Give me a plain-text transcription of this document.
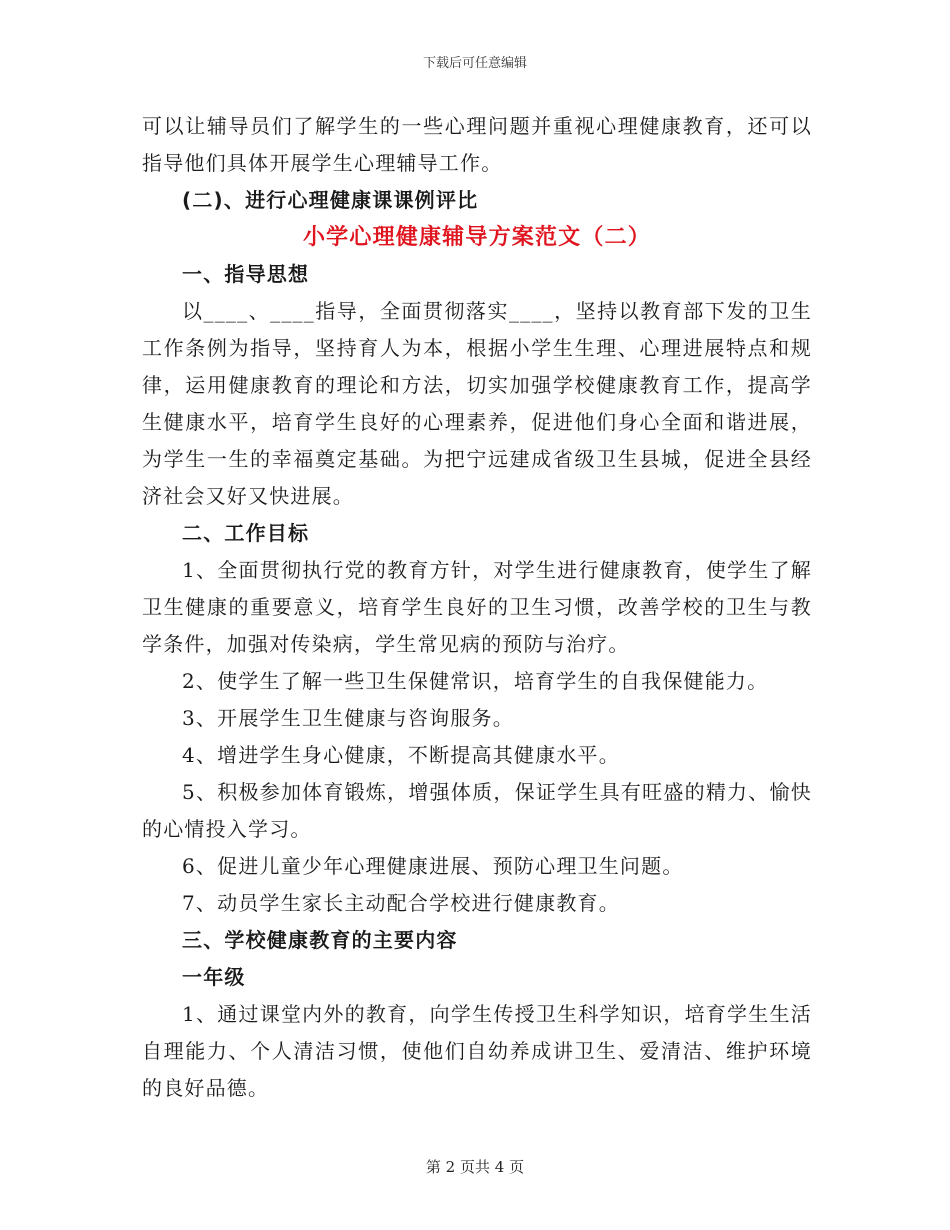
下载后可任意编辑

可以让辅导员们了解学生的一些心理问题并重视心理健康教育，还可以指导他们具体开展学生心理辅导工作。

(二)、进行心理健康课课例评比

小学心理健康辅导方案范文（二）

一、指导思想

以____、____指导，全面贯彻落实____，坚持以教育部下发的卫生工作条例为指导，坚持育人为本，根据小学生生理、心理进展特点和规律，运用健康教育的理论和方法，切实加强学校健康教育工作，提高学生健康水平，培育学生良好的心理素养，促进他们身心全面和谐进展，为学生一生的幸福奠定基础。为把宁远建成省级卫生县城，促进全县经济社会又好又快进展。

二、工作目标

1、全面贯彻执行党的教育方针，对学生进行健康教育，使学生了解卫生健康的重要意义，培育学生良好的卫生习惯，改善学校的卫生与教学条件，加强对传染病，学生常见病的预防与治疗。

2、使学生了解一些卫生保健常识，培育学生的自我保健能力。

3、开展学生卫生健康与咨询服务。

4、增进学生身心健康，不断提高其健康水平。

5、积极参加体育锻炼，增强体质，保证学生具有旺盛的精力、愉快的心情投入学习。

6、促进儿童少年心理健康进展、预防心理卫生问题。

7、动员学生家长主动配合学校进行健康教育。

三、学校健康教育的主要内容

一年级

1、通过课堂内外的教育，向学生传授卫生科学知识，培育学生生活自理能力、个人清洁习惯，使他们自幼养成讲卫生、爱清洁、维护环境的良好品德。

第 2 页共 4 页
